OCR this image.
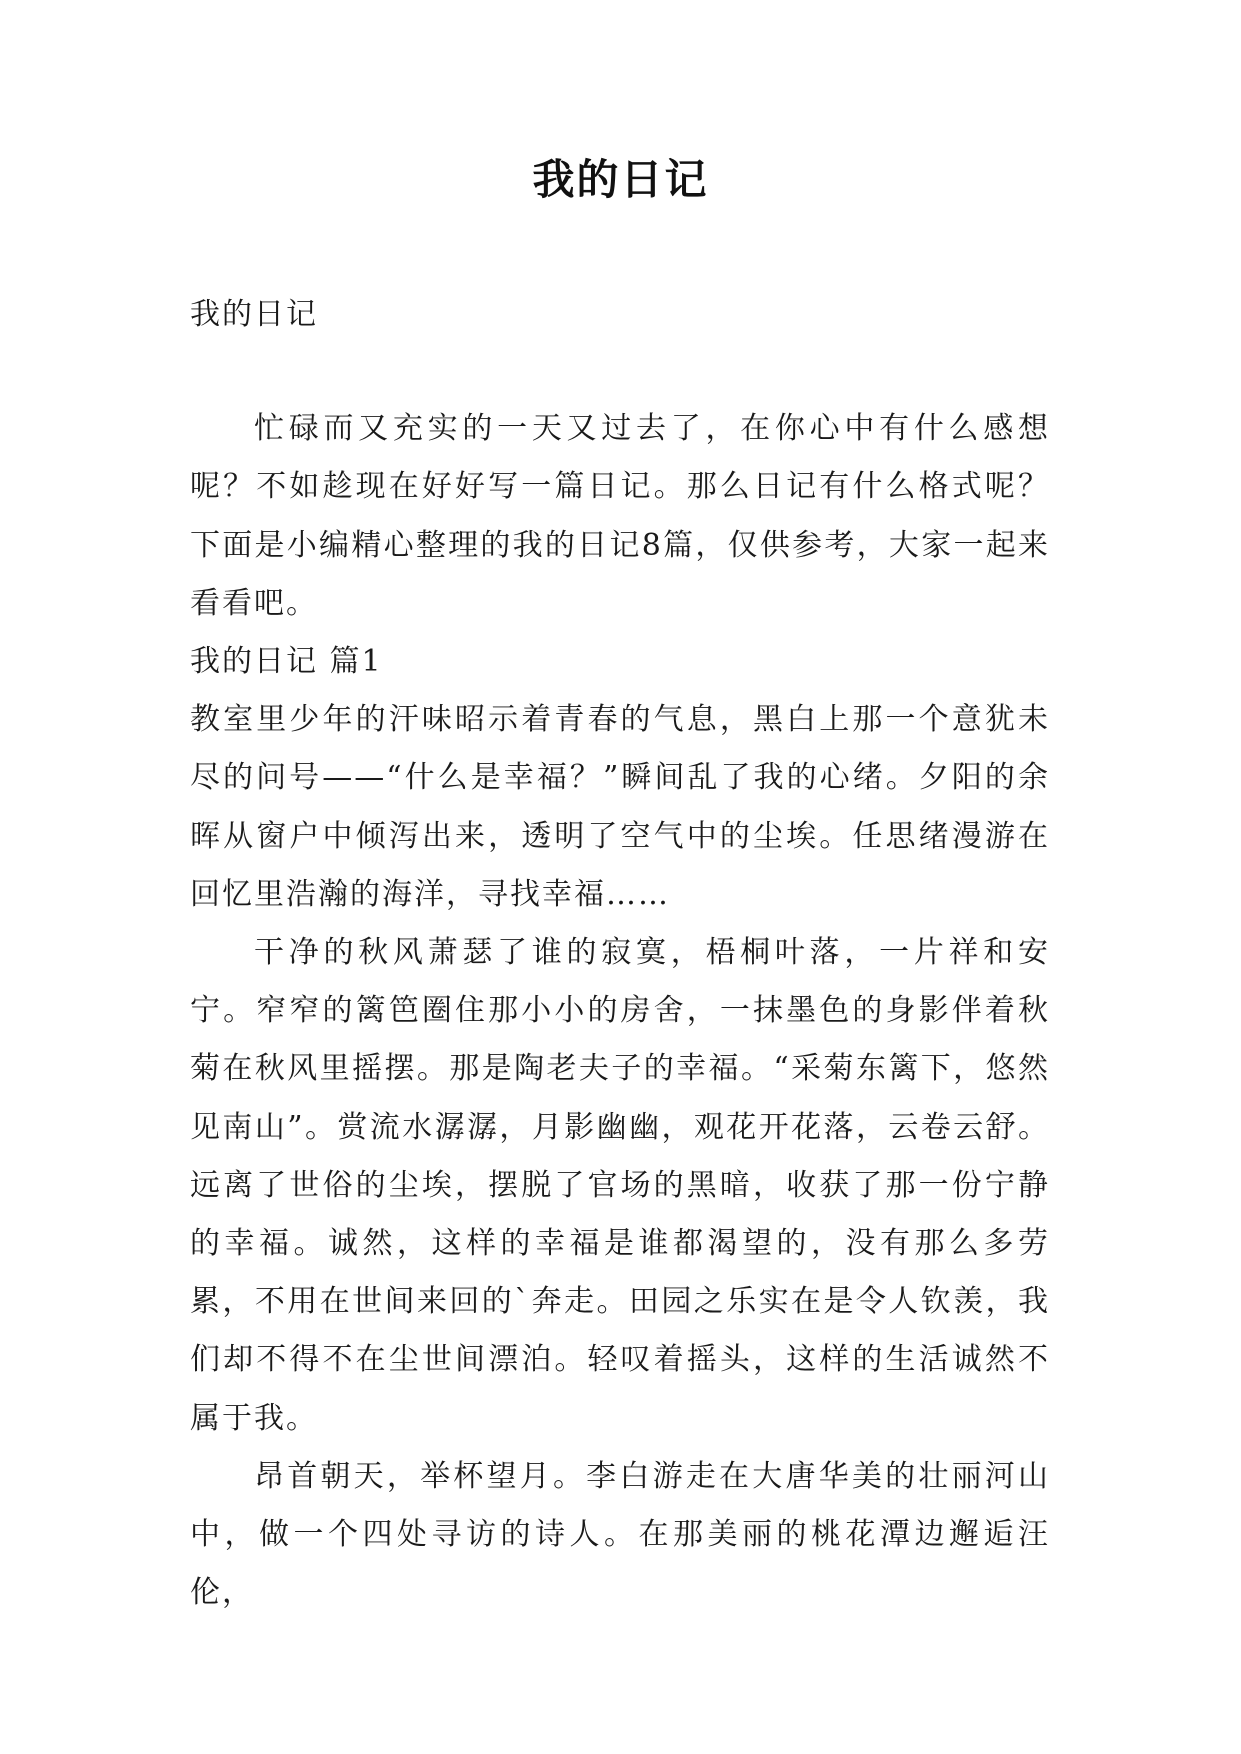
我的日记

我的日记

忙碌而又充实的一天又过去了，在你心中有什么感想呢？不如趁现在好好写一篇日记。那么日记有什么格式呢？下面是小编精心整理的我的日记8篇，仅供参考，大家一起来看看吧。

我的日记 篇1

教室里少年的汗味昭示着青春的气息，黑白上那一个意犹未尽的问号——“什么是幸福？”瞬间乱了我的心绪。夕阳的余晖从窗户中倾泻出来，透明了空气中的尘埃。任思绪漫游在回忆里浩瀚的海洋，寻找幸福……

干净的秋风萧瑟了谁的寂寞，梧桐叶落，一片祥和安宁。窄窄的篱笆圈住那小小的房舍，一抹墨色的身影伴着秋菊在秋风里摇摆。那是陶老夫子的幸福。“采菊东篱下，悠然见南山”。赏流水潺潺，月影幽幽，观花开花落，云卷云舒。远离了世俗的尘埃，摆脱了官场的黑暗，收获了那一份宁静的幸福。诚然，这样的幸福是谁都渴望的，没有那么多劳累，不用在世间来回的`奔走。田园之乐实在是令人钦羡，我们却不得不在尘世间漂泊。轻叹着摇头，这样的生活诚然不属于我。

昂首朝天，举杯望月。李白游走在大唐华美的壮丽河山中，做一个四处寻访的诗人。在那美丽的桃花潭边邂逅汪伦，
